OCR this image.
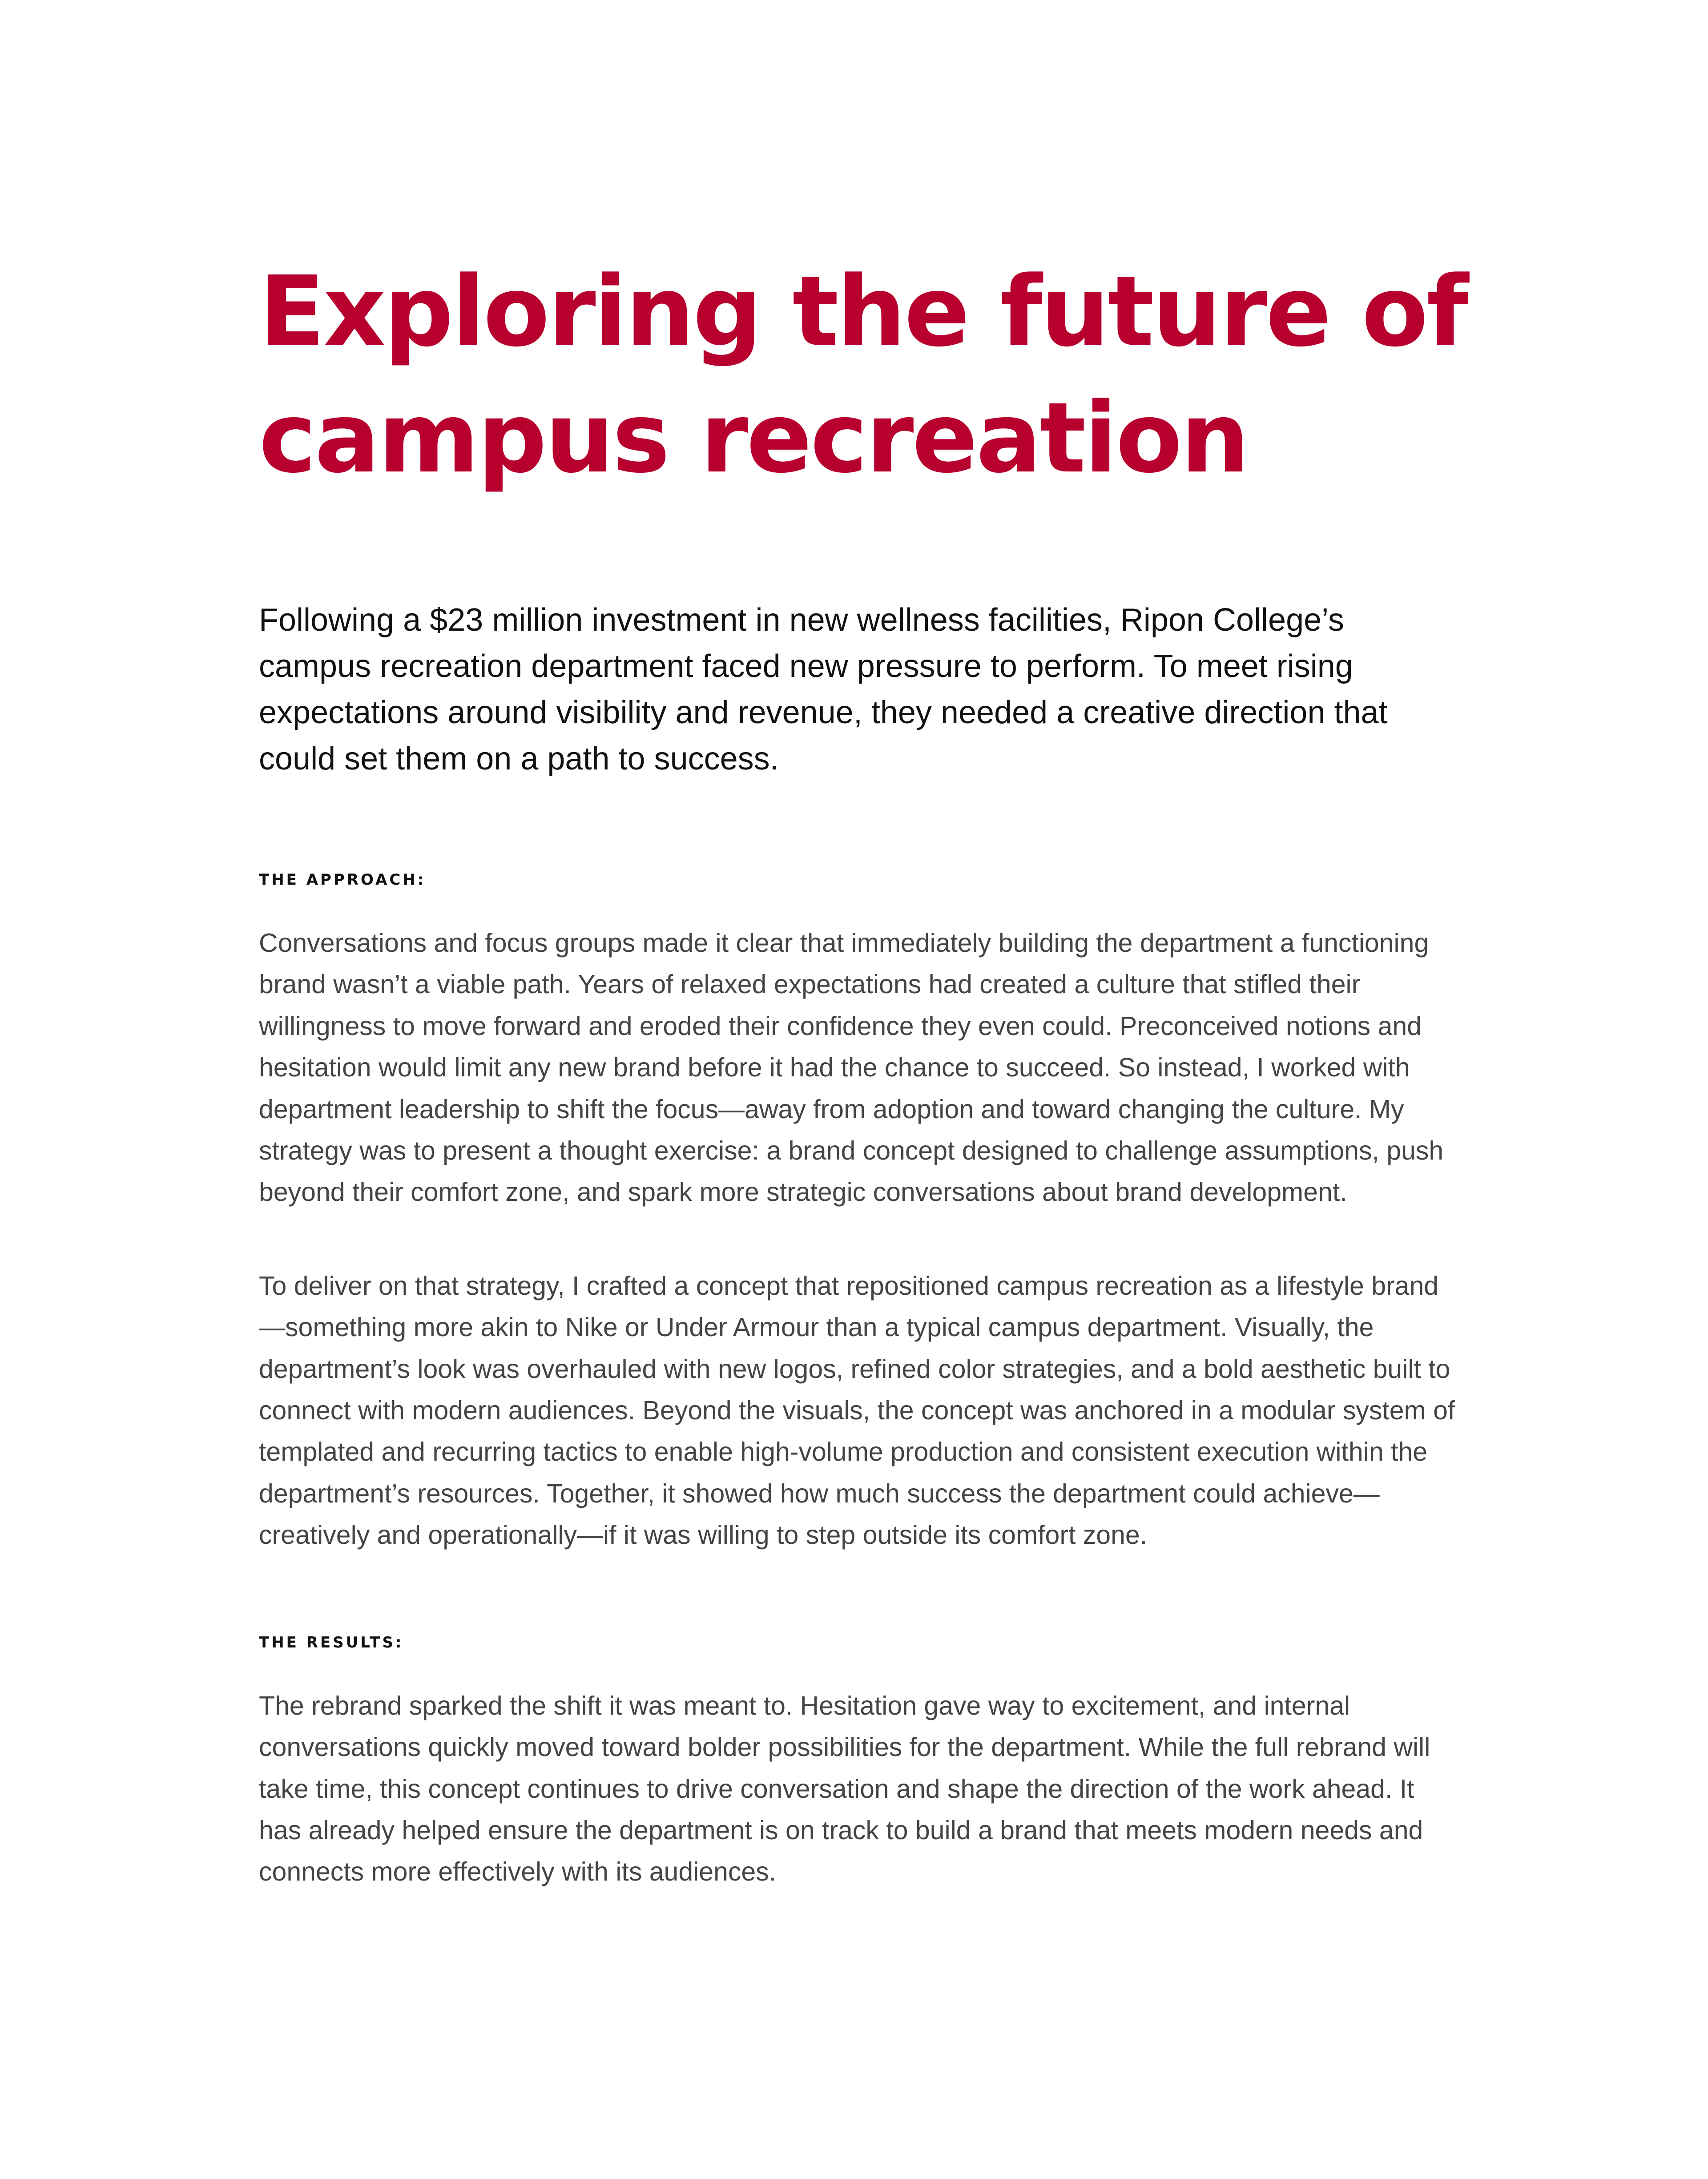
Exploring the future of
campus recreation

Following a $23 million investment in new wellness facilities, Ripon College’s campus recreation department faced new pressure to perform. To meet rising expectations around visibility and revenue, they needed a creative direction that could set them on a path to success.

THE APPROACH:

Conversations and focus groups made it clear that immediately building the department a functioning brand wasn’t a viable path. Years of relaxed expectations had created a culture that stifled their willingness to move forward and eroded their confidence they even could. Preconceived notions and hesitation would limit any new brand before it had the chance to succeed. So instead, I worked with department leadership to shift the focus—away from adoption and toward changing the culture. My strategy was to present a thought exercise: a brand concept designed to challenge assumptions, push beyond their comfort zone, and spark more strategic conversations about brand development.

To deliver on that strategy, I crafted a concept that repositioned campus recreation as a lifestyle brand—something more akin to Nike or Under Armour than a typical campus department. Visually, the department’s look was overhauled with new logos, refined color strategies, and a bold aesthetic built to connect with modern audiences. Beyond the visuals, the concept was anchored in a modular system of templated and recurring tactics to enable high-volume production and consistent execution within the department’s resources. Together, it showed how much success the department could achieve—creatively and operationally—if it was willing to step outside its comfort zone.

THE RESULTS:

The rebrand sparked the shift it was meant to. Hesitation gave way to excitement, and internal conversations quickly moved toward bolder possibilities for the department. While the full rebrand will take time, this concept continues to drive conversation and shape the direction of the work ahead. It has already helped ensure the department is on track to build a brand that meets modern needs and connects more effectively with its audiences.
